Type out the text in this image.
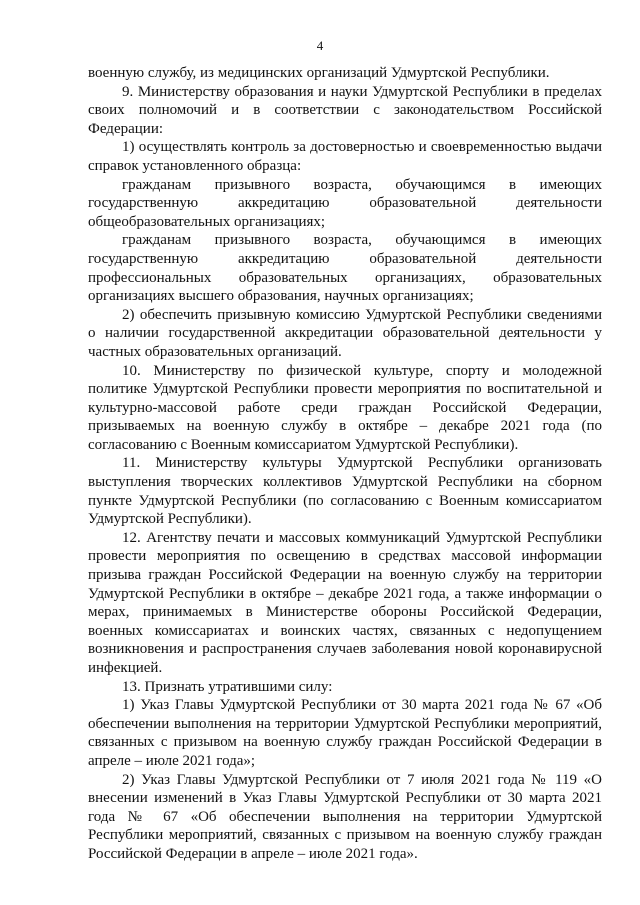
4

военную службу, из медицинских организаций Удмуртской Республики.

9. Министерству образования и науки Удмуртской Республики в пределах своих полномочий и в соответствии с законодательством Российской Федерации:

1) осуществлять контроль за достоверностью и своевременностью выдачи справок установленного образца:

гражданам призывного возраста, обучающимся в имеющих государственную аккредитацию образовательной деятельности общеобразовательных организациях;

гражданам призывного возраста, обучающимся в имеющих государственную аккредитацию образовательной деятельности профессиональных образовательных организациях, образовательных организациях высшего образования, научных организациях;

2) обеспечить призывную комиссию Удмуртской Республики сведениями о наличии государственной аккредитации образовательной деятельности у частных образовательных организаций.

10. Министерству по физической культуре, спорту и молодежной политике Удмуртской Республики провести мероприятия по воспитательной и культурно-массовой работе среди граждан Российской Федерации, призываемых на военную службу в октябре – декабре 2021 года (по согласованию с Военным комиссариатом Удмуртской Республики).

11. Министерству культуры Удмуртской Республики организовать выступления творческих коллективов Удмуртской Республики на сборном пункте Удмуртской Республики (по согласованию с Военным комиссариатом Удмуртской Республики).

12. Агентству печати и массовых коммуникаций Удмуртской Республики провести мероприятия по освещению в средствах массовой информации призыва граждан Российской Федерации на военную службу на территории Удмуртской Республики в октябре – декабре 2021 года, а также информации о мерах, принимаемых в Министерстве обороны Российской Федерации, военных комиссариатах и воинских частях, связанных с недопущением возникновения и распространения случаев заболевания новой коронавирусной инфекцией.

13. Признать утратившими силу:

1) Указ Главы Удмуртской Республики от 30 марта 2021 года № 67 «Об обеспечении выполнения на территории Удмуртской Республики мероприятий, связанных с призывом на военную службу граждан Российской Федерации в апреле – июле 2021 года»;

2) Указ Главы Удмуртской Республики от 7 июля 2021 года № 119 «О внесении изменений в Указ Главы Удмуртской Республики от 30 марта 2021 года № 67 «Об обеспечении выполнения на территории Удмуртской Республики мероприятий, связанных с призывом на военную службу граждан Российской Федерации в апреле – июле 2021 года».
